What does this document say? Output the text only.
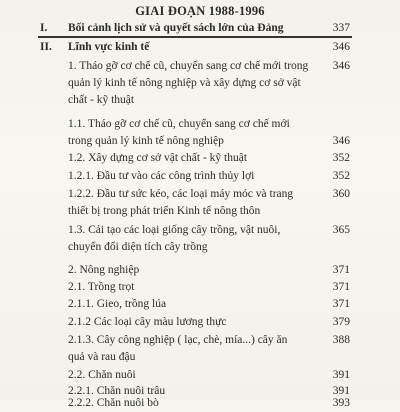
GIAI ĐOẠN 1988-1996
I. Bối cảnh lịch sử và quyết sách lớn của Đảng	337
II. Lĩnh vực kinh tế	346
1. Tháo gỡ cơ chế cũ, chuyển sang cơ chế mới trong	346
quản lý kinh tế nông nghiệp và xây dựng cơ sở vật
chất - kỹ thuật
1.1. Tháo gỡ cơ chế cũ, chuyển sang cơ chế mới
trong quản lý kinh tế nông nghiệp	346
1.2. Xây dựng cơ sở vật chất - kỹ thuật	352
1.2.1. Đầu tư vào các công trình thủy lợi	352
1.2.2. Đầu tư sức kéo, các loại máy móc và trang	360
thiết bị trong phát triển Kinh tế nông thôn
1.3. Cải tạo các loại giống cây trồng, vật nuôi,	365
chuyển đổi diện tích cây trồng
2. Nông nghiệp	371
2.1. Trồng trọt	371
2.1.1. Gieo, trồng lúa	371
2.1.2 Các loại cây màu lương thực	379
2.1.3. Cây công nghiệp ( lạc, chè, mía...) cây ăn	388
quả và rau đậu
2.2. Chăn nuôi	391
2.2.1. Chăn nuôi trâu	391
2.2.2. Chăn nuôi bò	393
